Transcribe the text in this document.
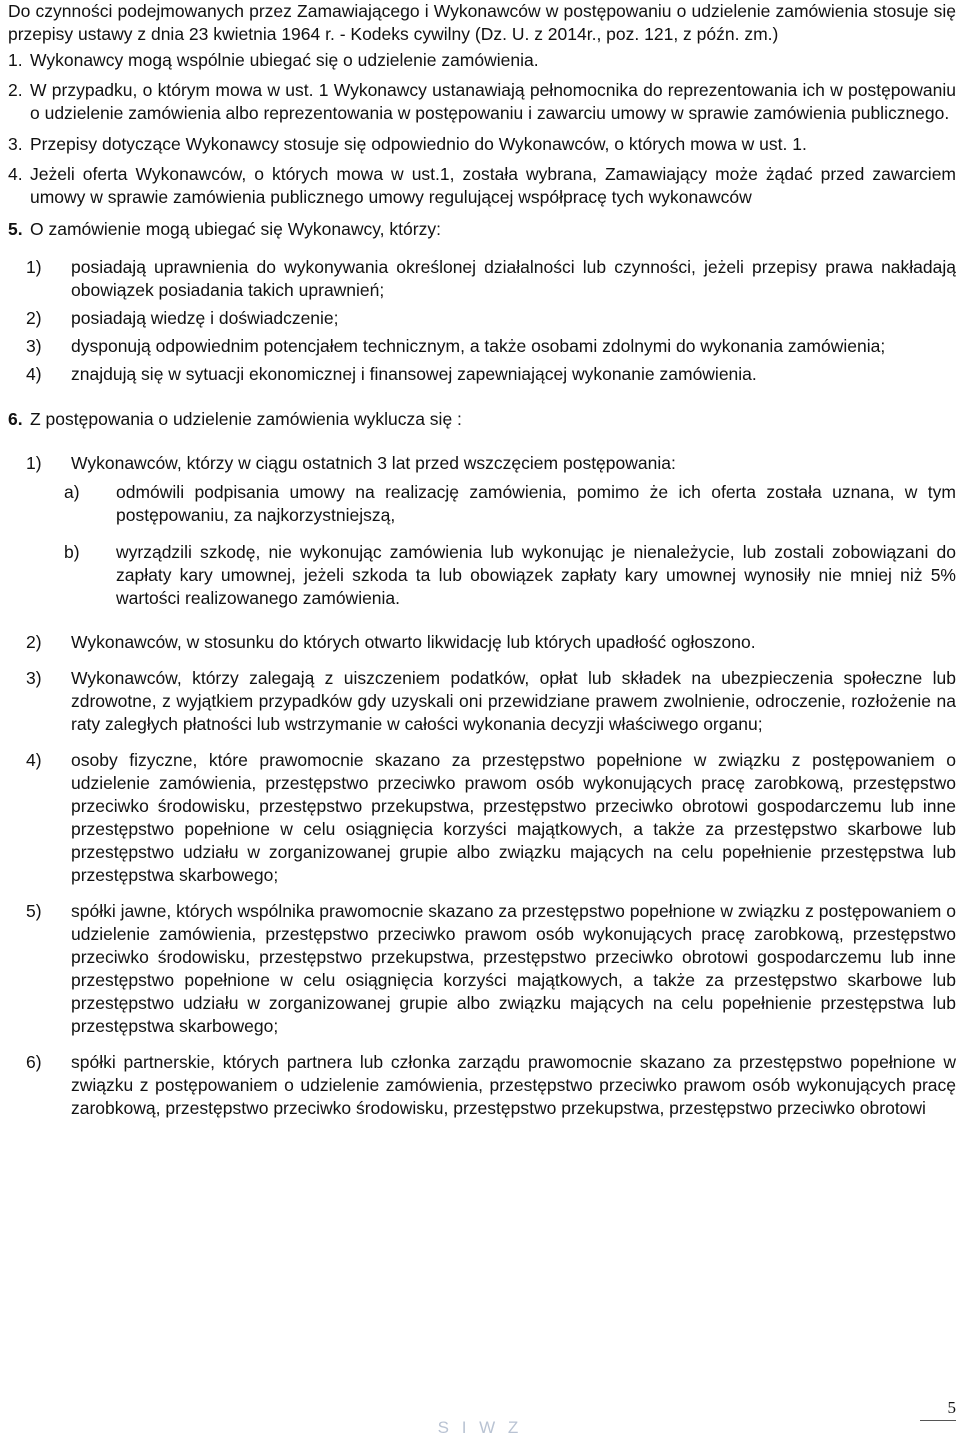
Do czynności podejmowanych przez Zamawiającego i Wykonawców w postępowaniu o udzielenie zamówienia stosuje się przepisy ustawy z dnia 23 kwietnia 1964 r. - Kodeks cywilny (Dz. U. z 2014r., poz. 121, z późn. zm.)

1. Wykonawcy mogą wspólnie ubiegać się o udzielenie zamówienia.
2. W przypadku, o którym mowa w ust. 1 Wykonawcy ustanawiają pełnomocnika do reprezentowania ich w postępowaniu o udzielenie zamówienia albo reprezentowania w postępowaniu i zawarciu umowy w sprawie zamówienia publicznego.
3. Przepisy dotyczące Wykonawcy stosuje się odpowiednio do Wykonawców, o których mowa w ust. 1.
4. Jeżeli oferta Wykonawców, o których mowa w ust.1, została wybrana, Zamawiający może żądać przed zawarciem umowy w sprawie zamówienia publicznego umowy regulującej współpracę tych wykonawców
5. O zamówienie mogą ubiegać się Wykonawcy, którzy:
1) posiadają uprawnienia do wykonywania określonej działalności lub czynności, jeżeli przepisy prawa nakładają obowiązek posiadania takich uprawnień;
2) posiadają wiedzę i doświadczenie;
3) dysponują odpowiednim potencjałem technicznym, a także osobami zdolnymi do wykonania zamówienia;
4) znajdują się w sytuacji ekonomicznej i finansowej zapewniającej wykonanie zamówienia.
6. Z postępowania o udzielenie zamówienia wyklucza się :
1) Wykonawców, którzy w ciągu ostatnich 3 lat przed wszczęciem postępowania:
a) odmówili podpisania umowy na realizację zamówienia, pomimo że ich oferta została uznana, w tym postępowaniu, za najkorzystniejszą,
b) wyrządzili szkodę, nie wykonując zamówienia lub wykonując je nienależycie, lub zostali zobowiązani do zapłaty kary umownej, jeżeli szkoda ta lub obowiązek zapłaty kary umownej wynosiły nie mniej niż 5% wartości realizowanego zamówienia.
2) Wykonawców, w stosunku do których otwarto likwidację lub których upadłość ogłoszono.
3) Wykonawców, którzy zalegają z uiszczeniem podatków, opłat lub składek na ubezpieczenia społeczne lub zdrowotne, z wyjątkiem przypadków gdy uzyskali oni przewidziane prawem zwolnienie, odroczenie, rozłożenie na raty zaległych płatności lub wstrzymanie w całości wykonania decyzji właściwego organu;
4) osoby fizyczne, które prawomocnie skazano za przestępstwo popełnione w związku z postępowaniem o udzielenie zamówienia, przestępstwo przeciwko prawom osób wykonujących pracę zarobkową, przestępstwo przeciwko środowisku, przestępstwo przekupstwa, przestępstwo przeciwko obrotowi gospodarczemu lub inne przestępstwo popełnione w celu osiągnięcia korzyści majątkowych, a także za przestępstwo skarbowe lub przestępstwo udziału w zorganizowanej grupie albo związku mających na celu popełnienie przestępstwa lub przestępstwa skarbowego;
5) spółki jawne, których wspólnika prawomocnie skazano za przestępstwo popełnione w związku z postępowaniem o udzielenie zamówienia, przestępstwo przeciwko prawom osób wykonujących pracę zarobkową, przestępstwo przeciwko środowisku, przestępstwo przekupstwa, przestępstwo przeciwko obrotowi gospodarczemu lub inne przestępstwo popełnione w celu osiągnięcia korzyści majątkowych, a także za przestępstwo skarbowe lub przestępstwo udziału w zorganizowanej grupie albo związku mających na celu popełnienie przestępstwa lub przestępstwa skarbowego;
6) spółki partnerskie, których partnera lub członka zarządu prawomocnie skazano za przestępstwo popełnione w związku z postępowaniem o udzielenie zamówienia, przestępstwo przeciwko prawom osób wykonujących pracę zarobkową, przestępstwo przeciwko środowisku, przestępstwo przekupstwa, przestępstwo przeciwko obrotowi
S I W Z
5
